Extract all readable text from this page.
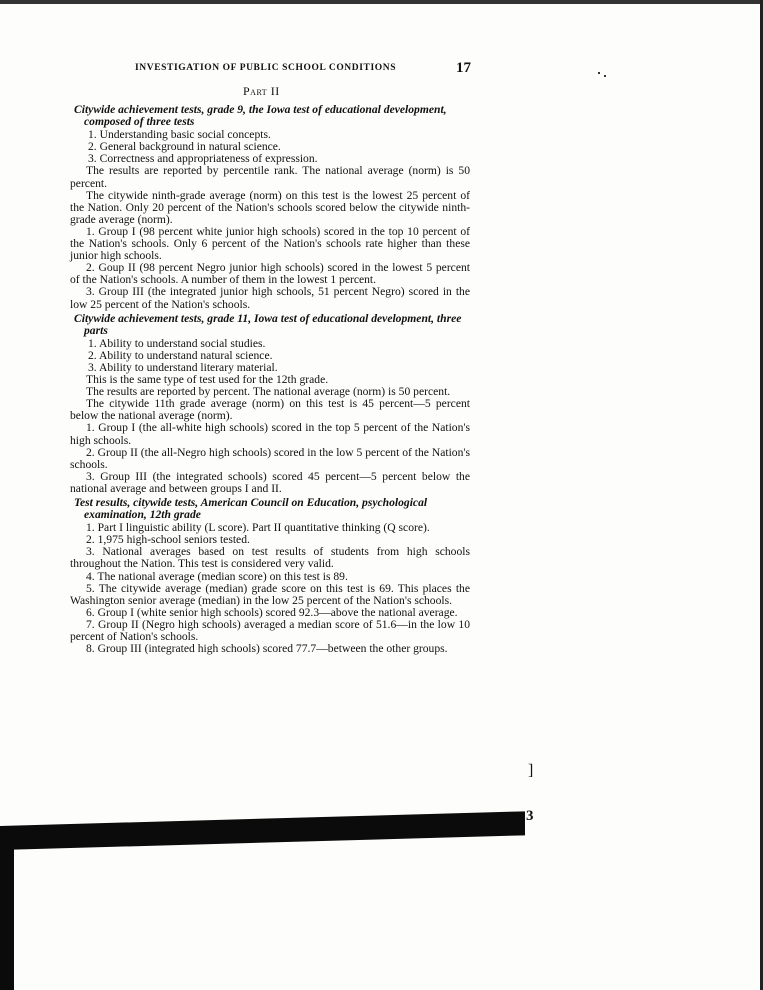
INVESTIGATION OF PUBLIC SCHOOL CONDITIONS	17
Part II

Citywide achievement tests, grade 9, the Iowa test of educational development, composed of three tests

1. Understanding basic social concepts.

2. General background in natural science.

3. Correctness and appropriateness of expression.

The results are reported by percentile rank. The national average (norm) is 50 percent.

The citywide ninth-grade average (norm) on this test is the lowest 25 percent of the Nation. Only 20 percent of the Nation's schools scored below the citywide ninth-grade average (norm).

1. Group I (98 percent white junior high schools) scored in the top 10 percent of the Nation's schools. Only 6 percent of the Nation's schools rate higher than these junior high schools.

2. Goup II (98 percent Negro junior high schools) scored in the lowest 5 percent of the Nation's schools. A number of them in the lowest 1 percent.

3. Group III (the integrated junior high schools, 51 percent Negro) scored in the low 25 percent of the Nation's schools.

Citywide achievement tests, grade 11, Iowa test of educational development, three parts

1. Ability to understand social studies.

2. Ability to understand natural science.

3. Ability to understand literary material.

This is the same type of test used for the 12th grade.

The results are reported by percent. The national average (norm) is 50 percent.

The citywide 11th grade average (norm) on this test is 45 percent—5 percent below the national average (norm).

1. Group I (the all-white high schools) scored in the top 5 percent of the Nation's high schools.

2. Group II (the all-Negro high schools) scored in the low 5 percent of the Nation's schools.

3. Group III (the integrated schools) scored 45 percent—5 percent below the national average and between groups I and II.

Test results, citywide tests, American Council on Education, psychological examination, 12th grade

1. Part I linguistic ability (L score). Part II quantitative thinking (Q score).

2. 1,975 high-school seniors tested.

3. National averages based on test results of students from high schools throughout the Nation. This test is considered very valid.

4. The national average (median score) on this test is 89.

5. The citywide average (median) grade score on this test is 69. This places the Washington senior average (median) in the low 25 percent of the Nation's schools.

6. Group I (white senior high schools) scored 92.3—above the national average.

7. Group II (Negro high schools) averaged a median score of 51.6—in the low 10 percent of Nation's schools.

8. Group III (integrated high schools) scored 77.7—between the other groups.

]
3
